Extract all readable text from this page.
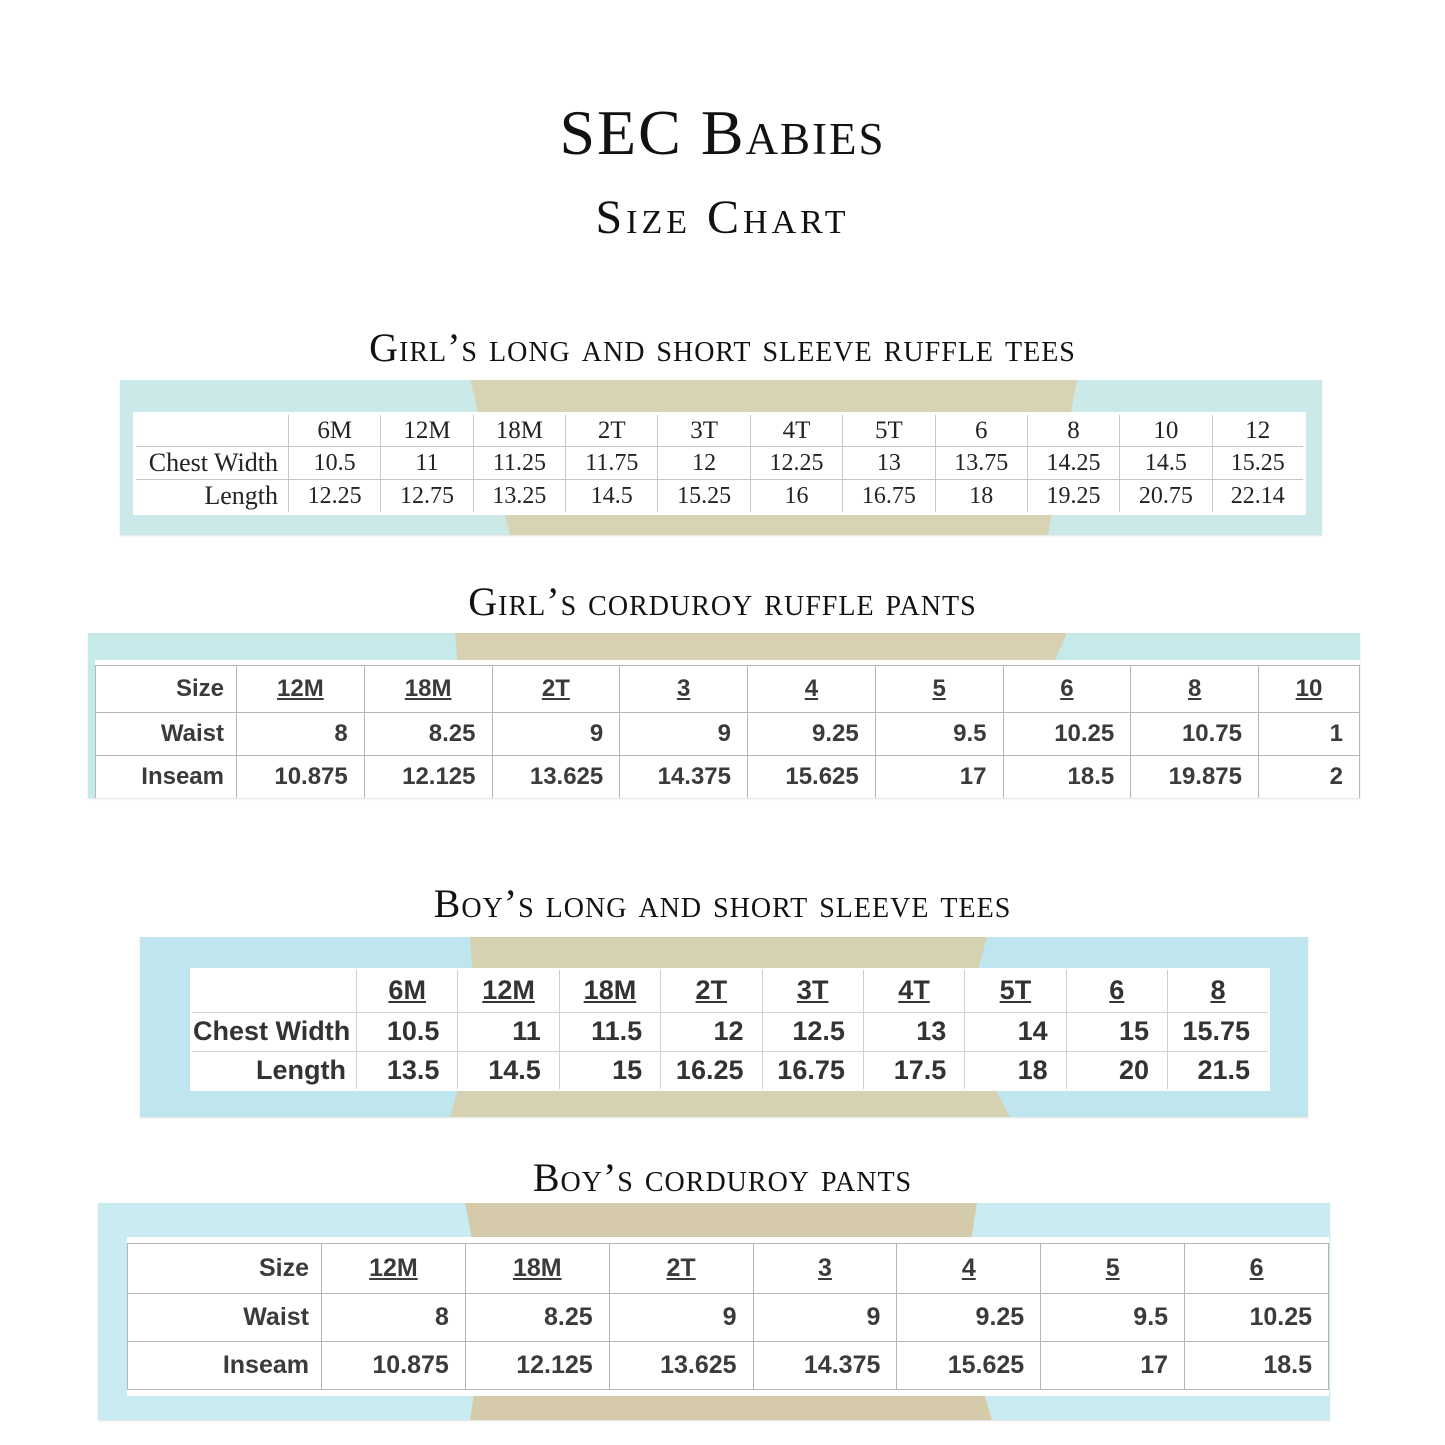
SEC Babies
Size Chart
Girl’s long and short sleeve ruffle tees
	6M	12M	18M	2T	3T	4T	5T	6	8	10	12
Chest Width	10.5	11	11.25	11.75	12	12.25	13	13.75	14.25	14.5	15.25
Length	12.25	12.75	13.25	14.5	15.25	16	16.75	18	19.25	20.75	22.14
Girl’s corduroy ruffle pants
Size	12M	18M	2T	3	4	5	6	8	10
Waist	8	8.25	9	9	9.25	9.5	10.25	10.75	1
Inseam	10.875	12.125	13.625	14.375	15.625	17	18.5	19.875	2
Boy’s long and short sleeve tees
	6M	12M	18M	2T	3T	4T	5T	6	8
Chest Width	10.5	11	11.5	12	12.5	13	14	15	15.75
Length	13.5	14.5	15	16.25	16.75	17.5	18	20	21.5
Boy’s corduroy pants
Size	12M	18M	2T	3	4	5	6
Waist	8	8.25	9	9	9.25	9.5	10.25
Inseam	10.875	12.125	13.625	14.375	15.625	17	18.5
